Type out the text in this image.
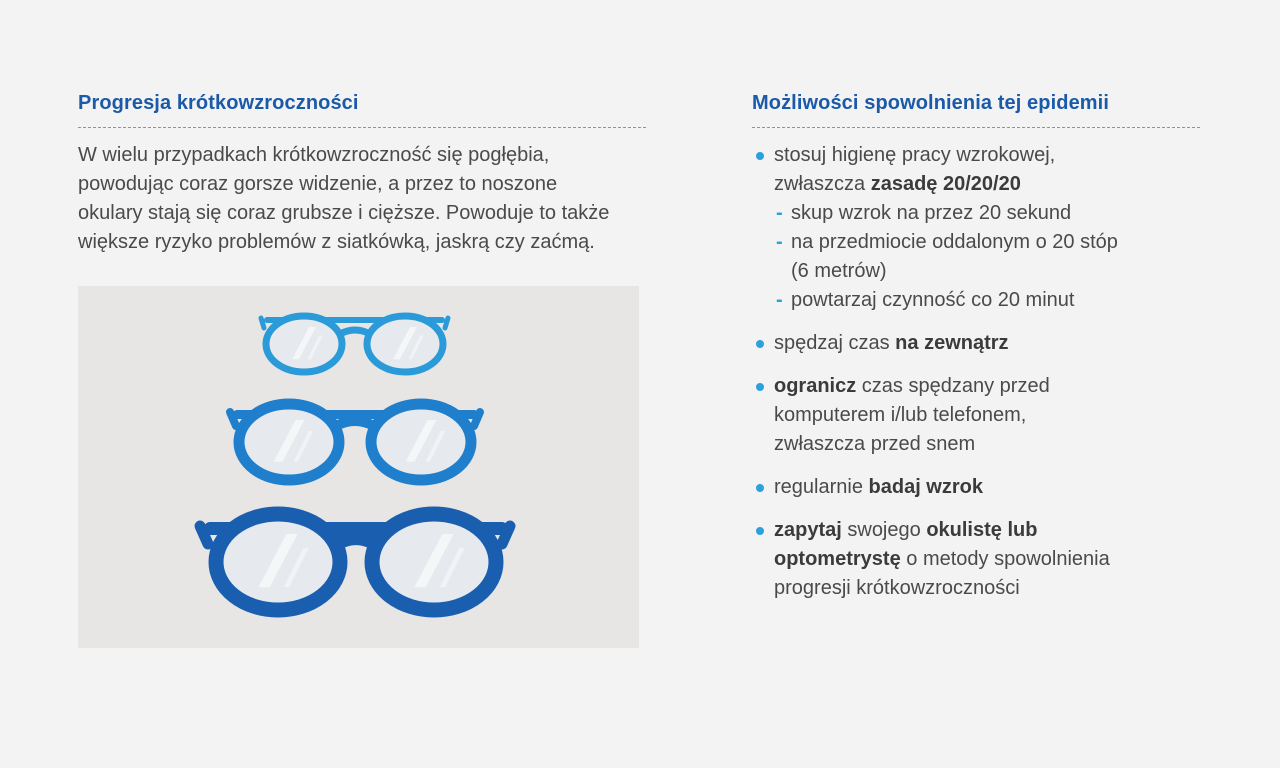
Progresja krótkowzroczności

W wielu przypadkach krótkowzroczność się pogłębia,
powodując coraz gorsze widzenie, a przez to noszone
okulary stają się coraz grubsze i cięższe. Powoduje to także
większe ryzyko problemów z siatkówką, jaskrą czy zaćmą.

Możliwości spowolnienia tej epidemii
stosuj higienę pracy wzrokowej,
zwłaszcza zasadę 20/20/20
- skup wzrok na przez 20 sekund
- na przedmiocie oddalonym o 20 stóp
(6 metrów)
- powtarzaj czynność co 20 minut
spędzaj czas na zewnątrz
ogranicz czas spędzany przed
komputerem i/lub telefonem,
zwłaszcza przed snem
regularnie badaj wzrok
zapytaj swojego okulistę lub
optometrystę o metody spowolnienia
progresji krótkowzroczności
